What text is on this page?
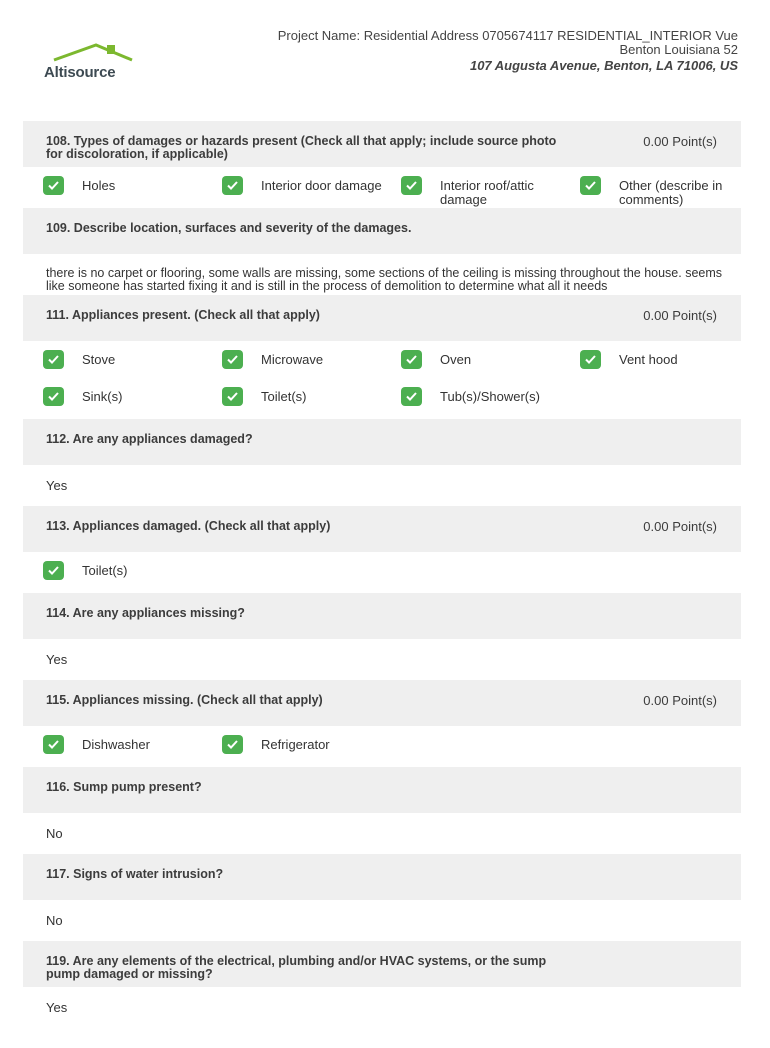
Altisource
Project Name: Residential Address 0705674117 RESIDENTIAL_INTERIOR Vue
Benton Louisiana 52
107 Augusta Avenue, Benton, LA 71006, US
108. Types of damages or hazards present (Check all that apply; include source photo for discoloration, if applicable)
0.00 Point(s)
Holes	Interior door damage	Interior roof/attic damage
Other (describe in comments)
109. Describe location, surfaces and severity of the damages.
there is no carpet or flooring, some walls are missing, some sections of the ceiling is missing throughout the house. seems like someone has started fixing it and is still in the process of demolition to determine what all it needs
111. Appliances present. (Check all that apply)	0.00 Point(s)
Stove	Microwave	Oven	Vent hood
Sink(s)	Toilet(s)	Tub(s)/Shower(s)
112. Are any appliances damaged?
Yes
113. Appliances damaged. (Check all that apply)	0.00 Point(s)
Toilet(s)
114. Are any appliances missing?
Yes
115. Appliances missing. (Check all that apply)	0.00 Point(s)
Dishwasher	Refrigerator
116. Sump pump present?
No
117. Signs of water intrusion?
No
119. Are any elements of the electrical, plumbing and/or HVAC systems, or the sump pump damaged or missing?
Yes
